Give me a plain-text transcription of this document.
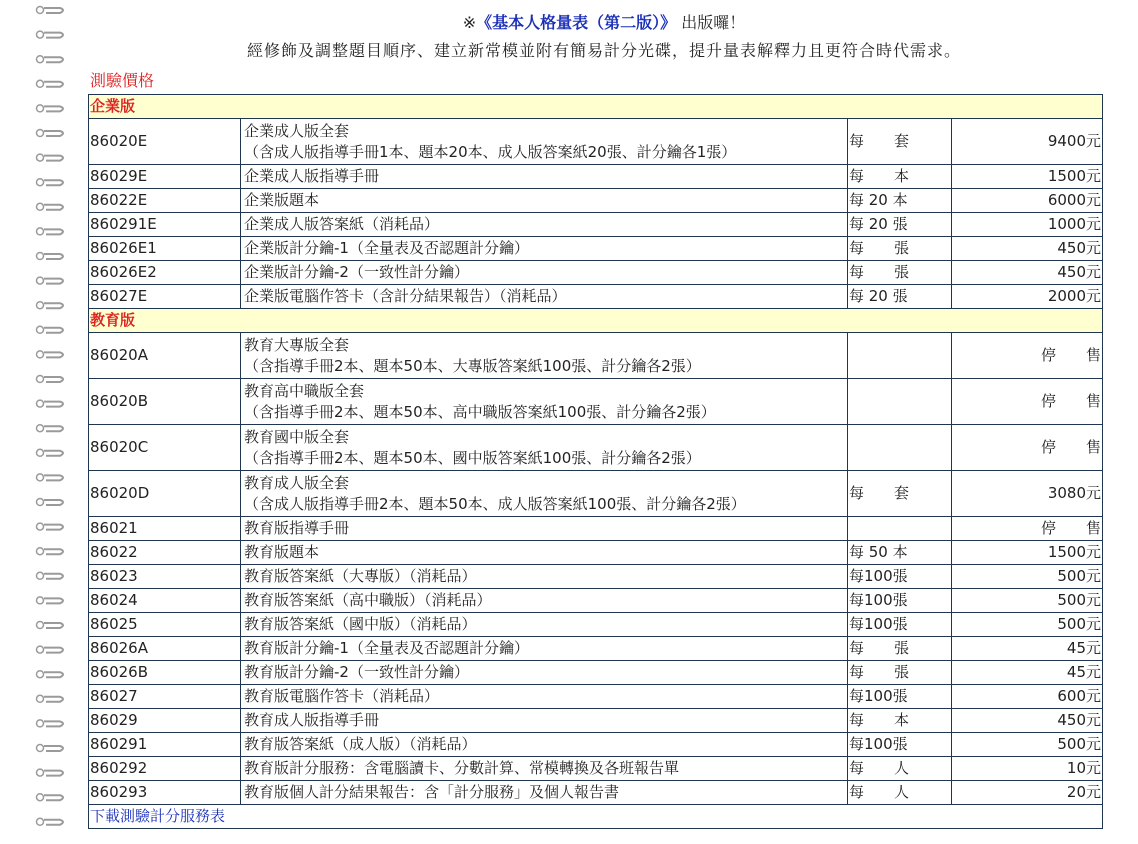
※《基本人格量表（第二版）》 出版囉！
經修飾及調整題目順序、建立新常模並附有簡易計分光碟，提升量表解釋力且更符合時代需求。
測驗價格
企業版			
86020E	企業成人版全套
（含成人版指導手冊1本、題本20本、成人版答案紙20張、計分鑰各1張）	每　　套	9400元
86029E	企業成人版指導手冊	每　　本	1500元
86022E	企業版題本	每 20 本	6000元
860291E	企業成人版答案紙（消耗品）	每 20 張	1000元
86026E1	企業版計分鑰-1（全量表及否認題計分鑰）	每　　張	450元
86026E2	企業版計分鑰-2（一致性計分鑰）	每　　張	450元
86027E	企業版電腦作答卡（含計分結果報告）（消耗品）	每 20 張	2000元
教育版			
86020A	教育大專版全套
（含指導手冊2本、題本50本、大專版答案紙100張、計分鑰各2張）		停　　售
86020B	教育高中職版全套
（含指導手冊2本、題本50本、高中職版答案紙100張、計分鑰各2張）		停　　售
86020C	教育國中版全套
（含指導手冊2本、題本50本、國中版答案紙100張、計分鑰各2張）		停　　售
86020D	教育成人版全套
（含成人版指導手冊2本、題本50本、成人版答案紙100張、計分鑰各2張）	每　　套	3080元
86021	教育版指導手冊		停　　售
86022	教育版題本	每 50 本	1500元
86023	教育版答案紙（大專版）（消耗品）	每100張	500元
86024	教育版答案紙（高中職版）（消耗品）	每100張	500元
86025	教育版答案紙（國中版）（消耗品）	每100張	500元
86026A	教育版計分鑰-1（全量表及否認題計分鑰）	每　　張	45元
86026B	教育版計分鑰-2（一致性計分鑰）	每　　張	45元
86027	教育版電腦作答卡（消耗品）	每100張	600元
86029	教育成人版指導手冊	每　　本	450元
860291	教育版答案紙（成人版）（消耗品）	每100張	500元
860292	教育版計分服務：含電腦讀卡、分數計算、常模轉換及各班報告單	每　　人	10元
860293	教育版個人計分結果報告：含「計分服務」及個人報告書	每　　人	20元
下載測驗計分服務表			
